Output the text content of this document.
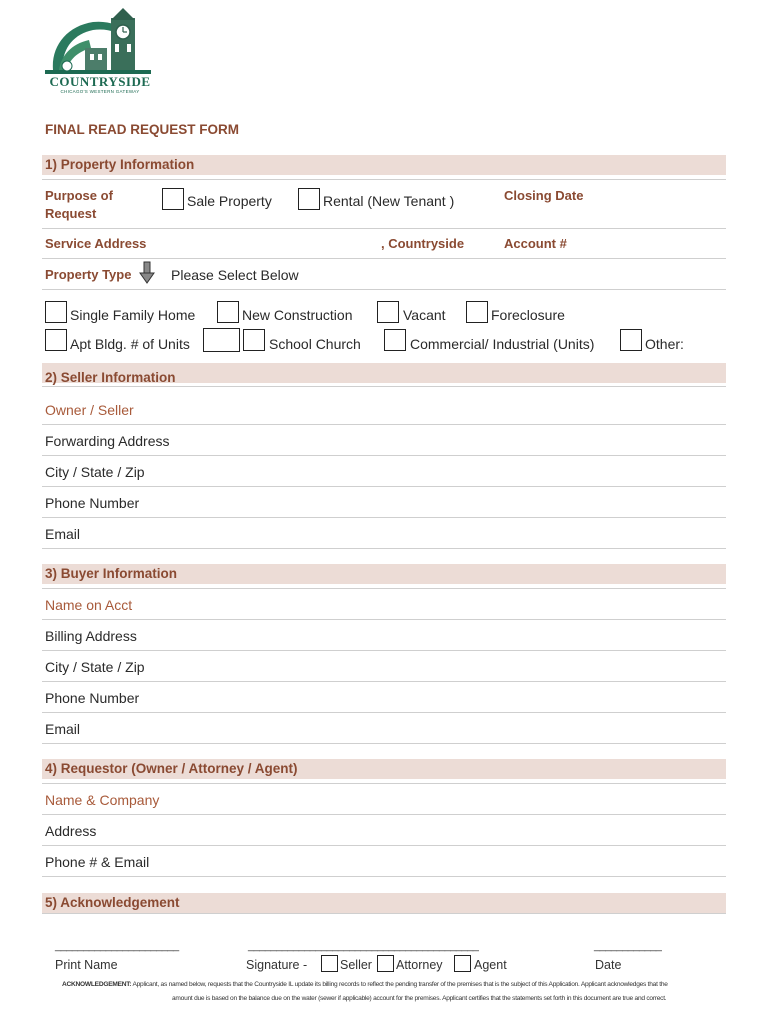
COUNTRYSIDE
CHICAGO'S WESTERN GATEWAY
FINAL READ REQUEST FORM
1) Property Information
Purpose of
Request
Sale Property	Rental (New Tenant )	Closing Date
Service Address	, Countryside	Account #
Property Type	Please Select Below
Single Family Home	New Construction	Vacant	Foreclosure
Apt Bldg. # of Units	School Church	Commercial/ Industrial (Units)	Other:
2) Seller Information
Owner / Seller
Forwarding Address
City / State / Zip
Phone Number
Email
3) Buyer Information
Name on Acct
Billing Address
City / State / Zip
Phone Number
Email
4) Requestor (Owner / Attorney / Agent)
Name & Company
Address
Phone # & Email
5) Acknowledgement
______________________	_________________________________________	____________
Print Name	Signature -	Seller Attorney	Agent	Date
ACKNOWLEDGEMENT: Applicant, as named below, requests that the Countryside IL update its billing records to reflect the pending transfer of the premises that is the subject of this Application. Applicant acknowledges that the
amount due is based on the balance due on the water (sewer if applicable) account for the premises. Applicant certifies that the statements set forth in this document are true and correct.
